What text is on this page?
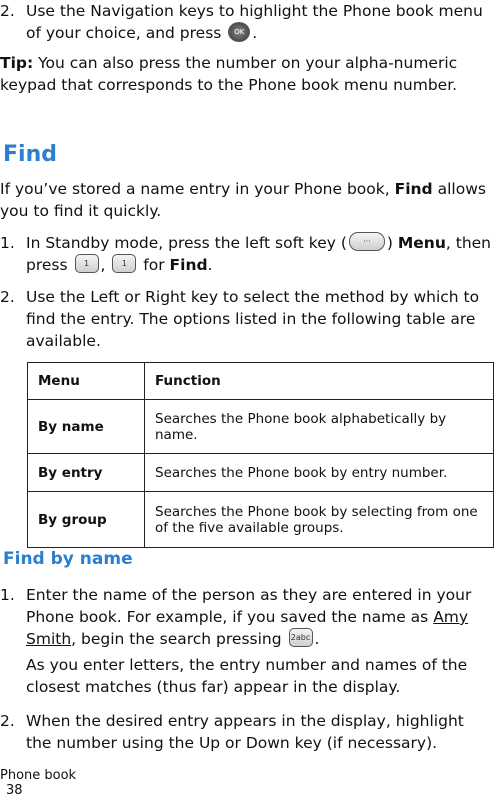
2. Use the Navigation keys to highlight the Phone book menu of your choice, and press OK .
Tip: You can also press the number on your alpha-numeric keypad that corresponds to the Phone book menu number.
Find
If you’ve stored a name entry in your Phone book, Find allows you to find it quickly.
1. In Standby mode, press the left soft key ( ··· ) Menu, then press 1 , 1 for Find.
2. Use the Left or Right key to select the method by which to find the entry. The options listed in the following table are available.
Menu	Function
By name	Searches the Phone book alphabetically by name.
By entry	Searches the Phone book by entry number.
By group	Searches the Phone book by selecting from one of the five available groups.
Find by name
1. Enter the name of the person as they are entered in your Phone book. For example, if you saved the name as Amy Smith, begin the search pressing 2abc .
As you enter letters, the entry number and names of the closest matches (thus far) appear in the display.
2. When the desired entry appears in the display, highlight the number using the Up or Down key (if necessary).
Phone book
38
